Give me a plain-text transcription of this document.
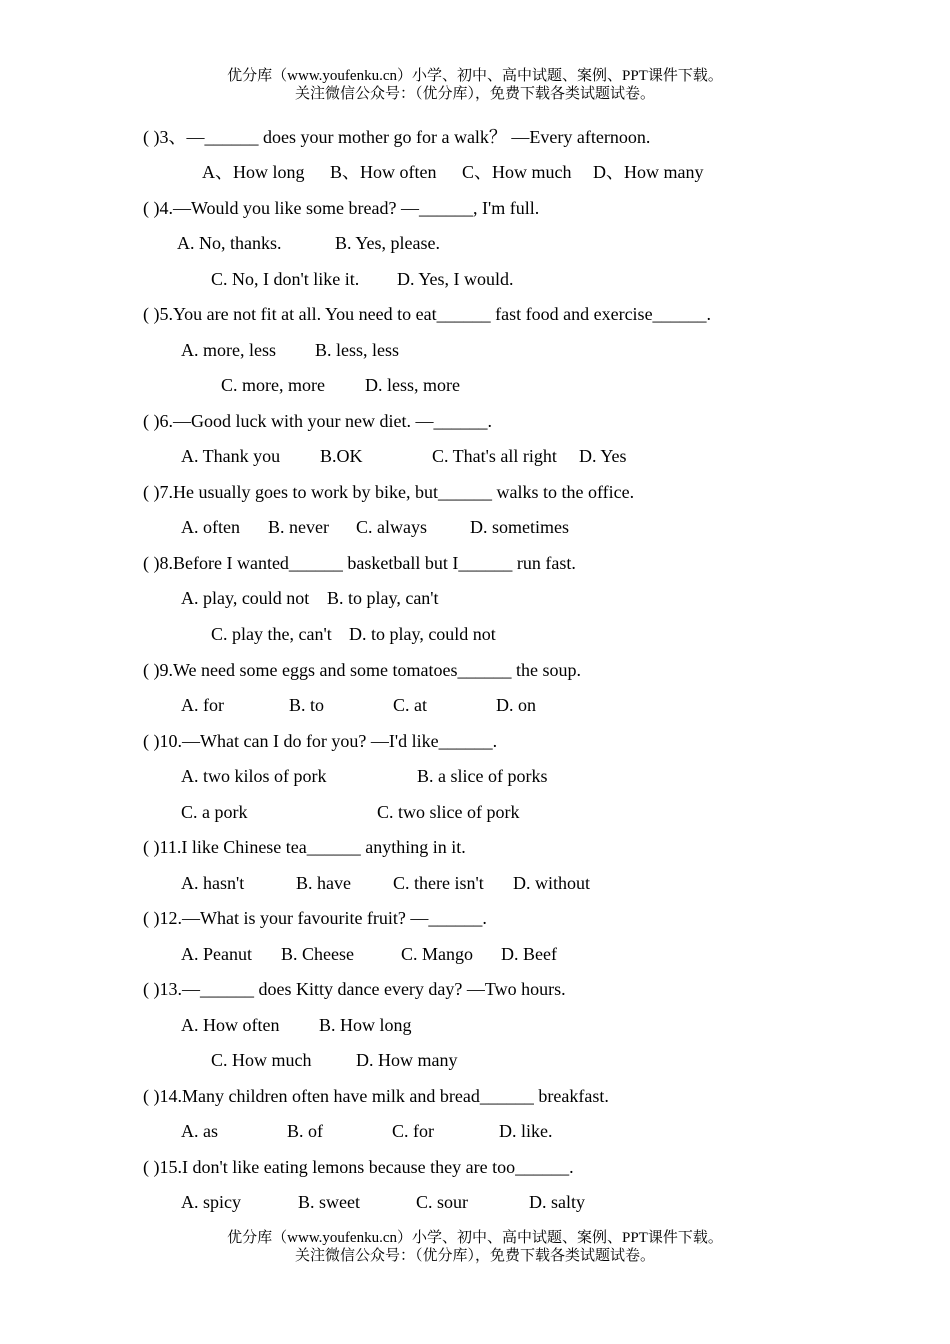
优分库（www.youfenku.cn）小学、初中、高中试题、案例、PPT课件下载。
关注微信公众号：（优分库），免费下载各类试题试卷。
( )3、—______ does your mother go for a walk？ —Every afternoon.
A、How long B、How often C、How much D、How many
( )4.—Would you like some bread? —______, I'm full.
A. No, thanks.	B. Yes, please.
C. No, I don't like it. D. Yes, I would.
( )5.You are not fit at all. You need to eat______ fast food and exercise______.
A. more, less B. less, less
C. more, more D. less, more
( )6.—Good luck with your new diet. —______.
A. Thank you B.OK	C. That's all right D. Yes
( )7.He usually goes to work by bike, but______ walks to the office.
A. often B. never C. always D. sometimes
( )8.Before I wanted______ basketball but I______ run fast.
A. play, could not B. to play, can't
C. play the, can't D. to play, could not
( )9.We need some eggs and some tomatoes______ the soup.
A. for	B. to	C. at	D. on
( )10.—What can I do for you? —I'd like______.
A. two kilos of pork	B. a slice of porks
C. a pork	C. two slice of pork
( )11.I like Chinese tea______ anything in it.
A. hasn't	B. have C. there isn't D. without
( )12.—What is your favourite fruit? —______.
A. Peanut B. Cheese	C. Mango D. Beef
( )13.—______ does Kitty dance every day? —Two hours.
A. How often B. How long
C. How much D. How many
( )14.Many children often have milk and bread______ breakfast.
A. as	B. of	C. for	D. like.
( )15.I don't like eating lemons because they are too______.
A. spicy	B. sweet	C. sour	D. salty
优分库（www.youfenku.cn）小学、初中、高中试题、案例、PPT课件下载。
关注微信公众号：（优分库），免费下载各类试题试卷。
